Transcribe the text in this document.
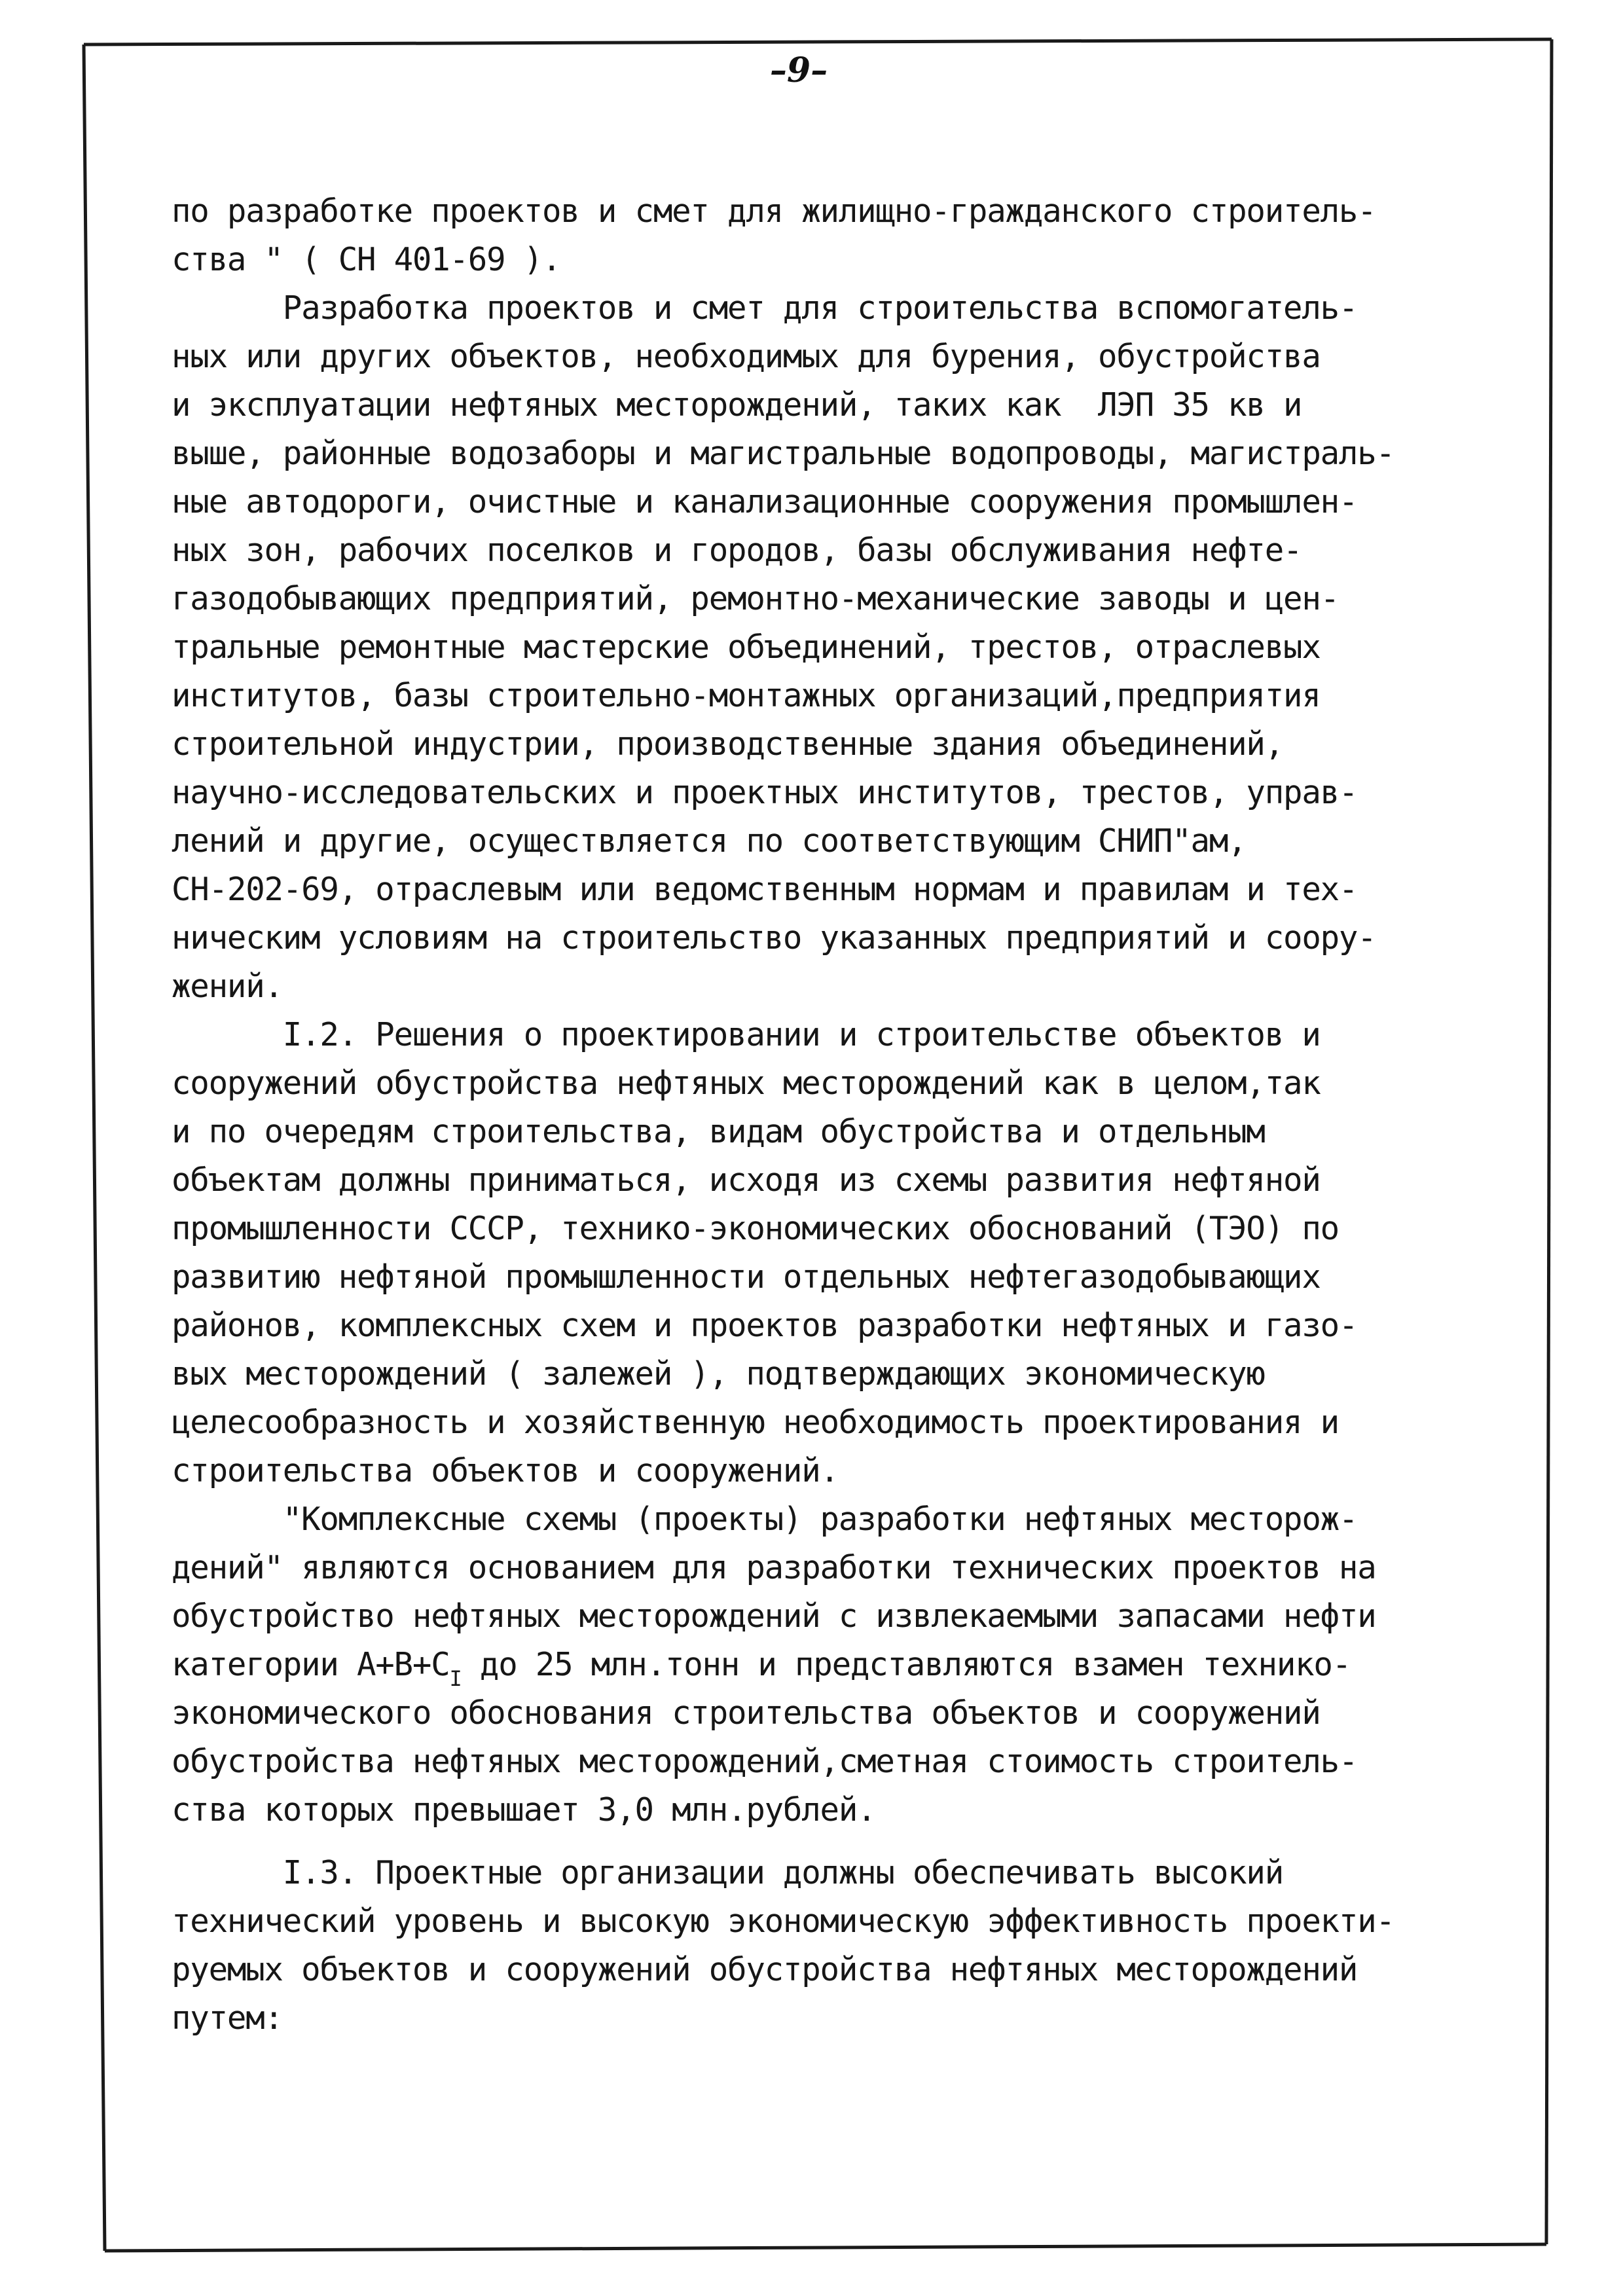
–9–
по разработке проектов и смет для жилищно-гражданского строитель-
ства " ( СН 401-69 ).
Разработка проектов и смет для строительства вспомогатель-
ных или других объектов, необходимых для бурения, обустройства
и эксплуатации нефтяных месторождений, таких как  ЛЭП 35 кв и
выше, районные водозаборы и магистральные водопроводы, магистраль-
ные автодороги, очистные и канализационные сооружения промышлен-
ных зон, рабочих поселков и городов, базы обслуживания нефте-
газодобывающих предприятий, ремонтно-механические заводы и цен-
тральные ремонтные мастерские объединений, трестов, отраслевых
институтов, базы строительно-монтажных организаций,предприятия
строительной индустрии, производственные здания объединений,
научно-исследовательских и проектных институтов, трестов, управ-
лений и другие, осуществляется по соответствующим СНИП"ам,
СН-202-69, отраслевым или ведомственным нормам и правилам и тех-
ническим условиям на строительство указанных предприятий и соору-
жений.
I.2. Решения о проектировании и строительстве объектов и
сооружений обустройства нефтяных месторождений как в целом,так
и по очередям строительства, видам обустройства и отдельным
объектам должны приниматься, исходя из схемы развития нефтяной
промышленности СССР, технико-экономических обоснований (ТЭО) по
развитию нефтяной промышленности отдельных нефтегазодобывающих
районов, комплексных схем и проектов разработки нефтяных и газо-
вых месторождений ( залежей ), подтверждающих экономическую
целесообразность и хозяйственную необходимость проектирования и
строительства объектов и сооружений.
"Комплексные схемы (проекты) разработки нефтяных месторож-
дений" являются основанием для разработки технических проектов на
обустройство нефтяных месторождений с извлекаемыми запасами нефти
категории $А+В+С_I$ до 25 млн.тонн и представляются взамен технико-
экономического обоснования строительства объектов и сооружений
обустройства нефтяных месторождений,сметная стоимость строитель-
ства которых превышает 3,0 млн.рублей.
I.3. Проектные организации должны обеспечивать высокий
технический уровень и высокую экономическую эффективность проекти-
руемых объектов и сооружений обустройства нефтяных месторождений
путем:
